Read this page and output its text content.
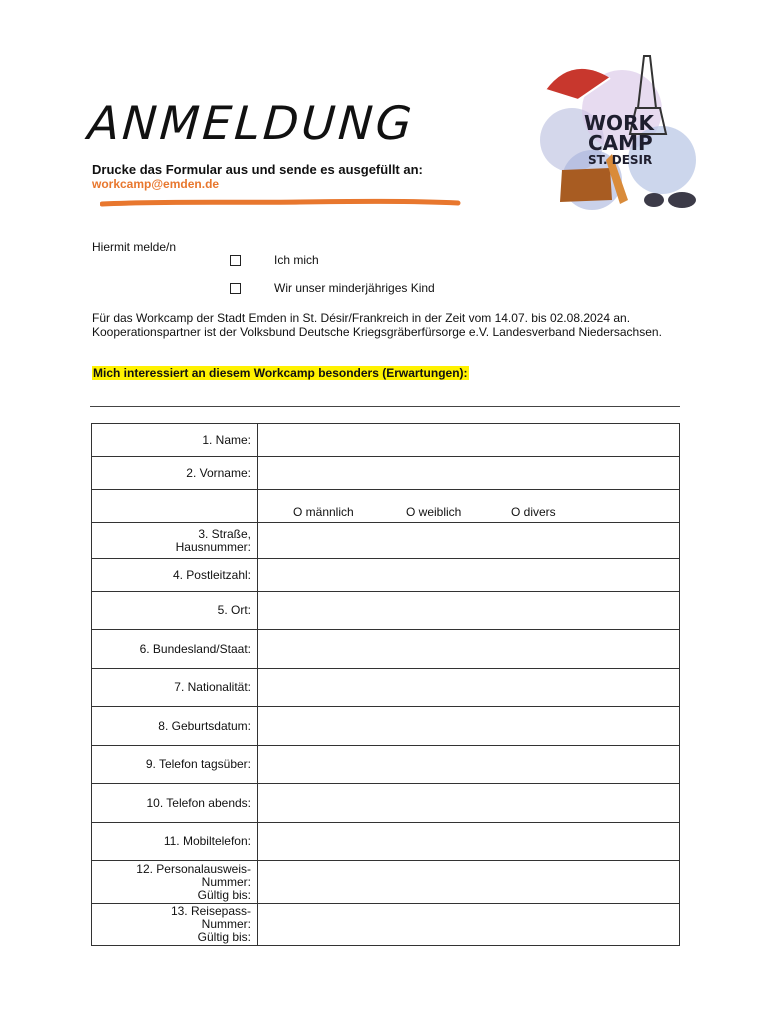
ANMELDUNG
Drucke das Formular aus und sende es ausgefüllt an:
workcamp@emden.de
WORK
CAMP
ST. DESIR
Hiermit melde/n
Ich mich
Wir unser minderjähriges Kind
Für das Workcamp der Stadt Emden in St. Désir/Frankreich in der Zeit vom 14.07. bis 02.08.2024 an. Kooperationspartner ist der Volksbund Deutsche Kriegsgräberfürsorge e.V. Landesverband Niedersachsen.
Mich interessiert an diesem Workcamp besonders (Erwartungen):
1. Name:	
2. Vorname:	

	O männlich O weiblich O divers

3. Straße,
Hausnummer:	

4. Postleitzahl:	
5. Ort:	
6. Bundesland/Staat:	
7. Nationalität:	
8. Geburtsdatum:	
9. Telefon tagsüber:	
10. Telefon abends:	
11. Mobiltelefon:	

12. Personalausweis-
Nummer:
Gültig bis:	

13. Reisepass-
Nummer:
Gültig bis:	
